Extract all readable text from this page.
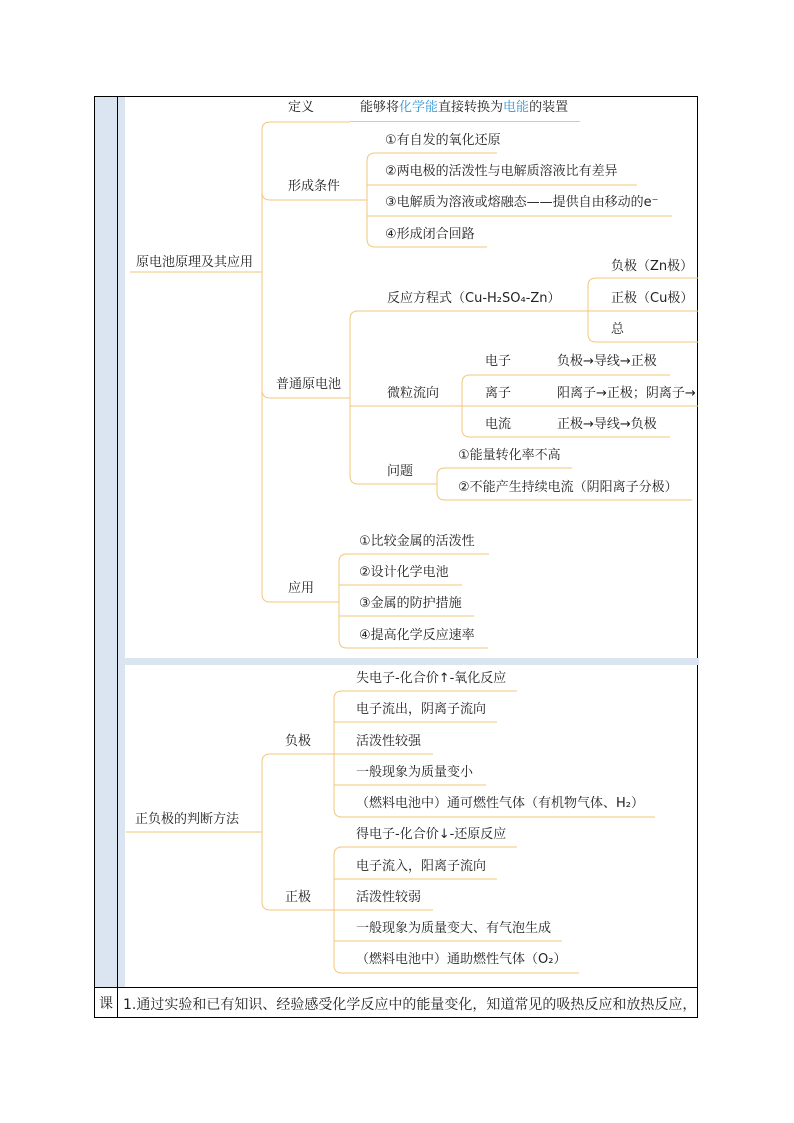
课 1.通过实验和已有知识、经验感受化学反应中的能量变化，知道常见的吸热反应和放热反应，
原电池原理及其应用
定义	能够将化学能直接转换为电能的装置
形成条件
①有自发的氧化还原
②两电极的活泼性与电解质溶液比有差异
③电解质为溶液或熔融态——提供自由移动的e⁻
④形成闭合回路
普通原电池
反应方程式（Cu-H₂SO₄-Zn）
负极（Zn极）
正极（Cu极）
总
微粒流向
电子	负极→导线→正极
离子	阳离子→正极；阴离子→
电流	正极→导线→负极
问题
①能量转化率不高
②不能产生持续电流（阴阳离子分极）
应用
①比较金属的活泼性
②设计化学电池
③金属的防护措施
④提高化学反应速率
正负极的判断方法
负极
失电子-化合价↑-氧化反应
电子流出，阴离子流向
活泼性较强
一般现象为质量变小
（燃料电池中）通可燃性气体（有机物气体、H₂）
正极
得电子-化合价↓-还原反应
电子流入，阳离子流向
活泼性较弱
一般现象为质量变大、有气泡生成
（燃料电池中）通助燃性气体（O₂）
